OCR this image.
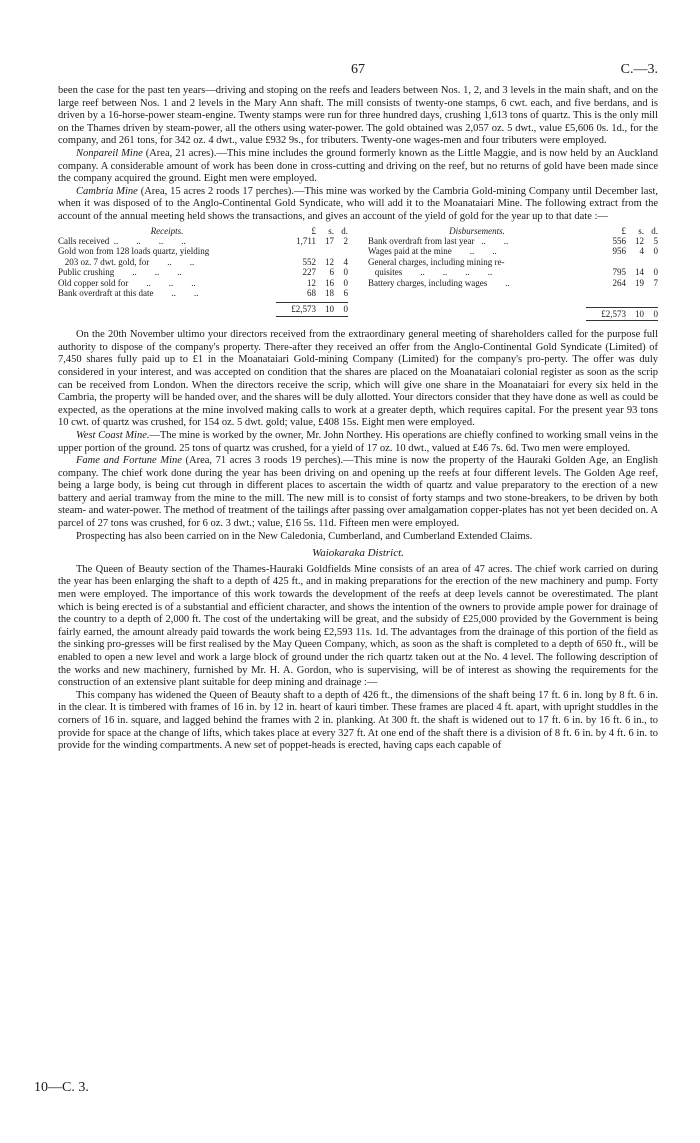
67	C.—3.

been the case for the past ten years—driving and stoping on the reefs and leaders between Nos. 1, 2, and 3 levels in the main shaft, and on the large reef between Nos. 1 and 2 levels in the Mary Ann shaft. The mill consists of twenty-one stamps, 6 cwt. each, and five berdans, and is driven by a 16-horse-power steam-engine. Twenty stamps were run for three hundred days, crushing 1,613 tons of quartz. This is the only mill on the Thames driven by steam-power, all the others using water-power. The gold obtained was 2,057 oz. 5 dwt., value £5,606 0s. 1d., for the company, and 261 tons, for 342 oz. 4 dwt., value £932 9s., for tributers. Twenty-one wages-men and four tributers were employed.

Nonpareil Mine (Area, 21 acres).—This mine includes the ground formerly known as the Little Maggie, and is now held by an Auckland company. A considerable amount of work has been done in cross-cutting and driving on the reef, but no returns of gold have been made since the company acquired the ground. Eight men were employed.

Cambria Mine (Area, 15 acres 2 roods 17 perches).—This mine was worked by the Cambria Gold-mining Company until December last, when it was disposed of to the Anglo-Continental Gold Syndicate, who will add it to the Moanataiari Mine. The following extract from the account of the annual meeting held shows the transactions, and gives an account of the yield of gold for the year up to that date :—

Receipts.	£	s. d.
Calls received  ..        ..        ..        ..	1,711	17	2
Gold won from 128 loads quartz, yielding
203 oz. 7 dwt. gold, for        ..        ..	552	12	4
Public crushing        ..        ..        ..	227	6	0
Old copper sold for        ..        ..        ..	12	16	0
Bank overdraft at this date        ..        ..	68	18	6
£2,573	10	0
Disbursements.	£	s. d.
Bank overdraft from last year   ..        ..	556	12	5
Wages paid at the mine        ..        ..	956	4	0
General charges, including mining re-
quisites        ..        ..        ..        ..	795	14	0
Battery charges, including wages        ..	264	19	7
£2,573	10	0

On the 20th November ultimo your directors received from the extraordinary general meeting of shareholders called for the purpose full authority to dispose of the company's property. There-after they received an offer from the Anglo-Continental Gold Syndicate (Limited) of 7,450 shares fully paid up to £1 in the Moanataiari Gold-mining Company (Limited) for the company's pro-perty. The offer was duly considered in your interest, and was accepted on condition that the shares are placed on the Moanataiari colonial register as soon as the scrip can be received from London. When the directors receive the scrip, which will give one share in the Moanataiari for every six held in the Cambria, the property will be handed over, and the shares will be duly allotted. Your directors consider that they have done as well as could be expected, as the operations at the mine involved making calls to work at a greater depth, which requires capital. For the present year 93 tons 10 cwt. of quartz was crushed, for 154 oz. 5 dwt. gold; value, £408 15s. Eight men were employed.

West Coast Mine.—The mine is worked by the owner, Mr. John Northey. His operations are chiefly confined to working small veins in the upper portion of the ground. 25 tons of quartz was crushed, for a yield of 17 oz. 10 dwt., valued at £46 7s. 6d. Two men were employed.

Fame and Fortune Mine (Area, 71 acres 3 roods 19 perches).—This mine is now the property of the Hauraki Golden Age, an English company. The chief work done during the year has been driving on and opening up the reefs at four different levels. The Golden Age reef, being a large body, is being cut through in different places to ascertain the width of quartz and value preparatory to the erection of a new battery and aerial tramway from the mine to the mill. The new mill is to consist of forty stamps and two stone-breakers, to be driven by both steam- and water-power. The method of treatment of the tailings after passing over amalgamation copper-plates has not yet been decided on. A parcel of 27 tons was crushed, for 6 oz. 3 dwt.; value, £16 5s. 11d. Fifteen men were employed.

Prospecting has also been carried on in the New Caledonia, Cumberland, and Cumberland Extended Claims.

Waiokaraka District.

The Queen of Beauty section of the Thames-Hauraki Goldfields Mine consists of an area of 47 acres. The chief work carried on during the year has been enlarging the shaft to a depth of 425 ft., and in making preparations for the erection of the new machinery and pump. Forty men were employed. The importance of this work towards the development of the reefs at deep levels cannot be overestimated. The plant which is being erected is of a substantial and efficient character, and shows the intention of the owners to provide ample power for drainage of the country to a depth of 2,000 ft. The cost of the undertaking will be great, and the subsidy of £25,000 provided by the Government is being fairly earned, the amount already paid towards the work being £2,593 11s. 1d. The advantages from the drainage of this portion of the field as the sinking pro-gresses will be first realised by the May Queen Company, which, as soon as the shaft is completed to a depth of 650 ft., will be enabled to open a new level and work a large block of ground under the rich quartz taken out at the No. 4 level. The following description of the works and new machinery, furnished by Mr. H. A. Gordon, who is supervising, will be of interest as showing the requirements for the construction of an extensive plant suitable for deep mining and drainage :—

This company has widened the Queen of Beauty shaft to a depth of 426 ft., the dimensions of the shaft being 17 ft. 6 in. long by 8 ft. 6 in. in the clear. It is timbered with frames of 16 in. by 12 in. heart of kauri timber. These frames are placed 4 ft. apart, with upright studdles in the corners of 16 in. square, and lagged behind the frames with 2 in. planking. At 300 ft. the shaft is widened out to 17 ft. 6 in. by 16 ft. 6 in., to provide for space at the change of lifts, which takes place at every 327 ft. At one end of the shaft there is a division of 8 ft. 6 in. by 4 ft. 6 in. to provide for the winding compartments. A new set of poppet-heads is erected, having caps each capable of

10—C. 3.
